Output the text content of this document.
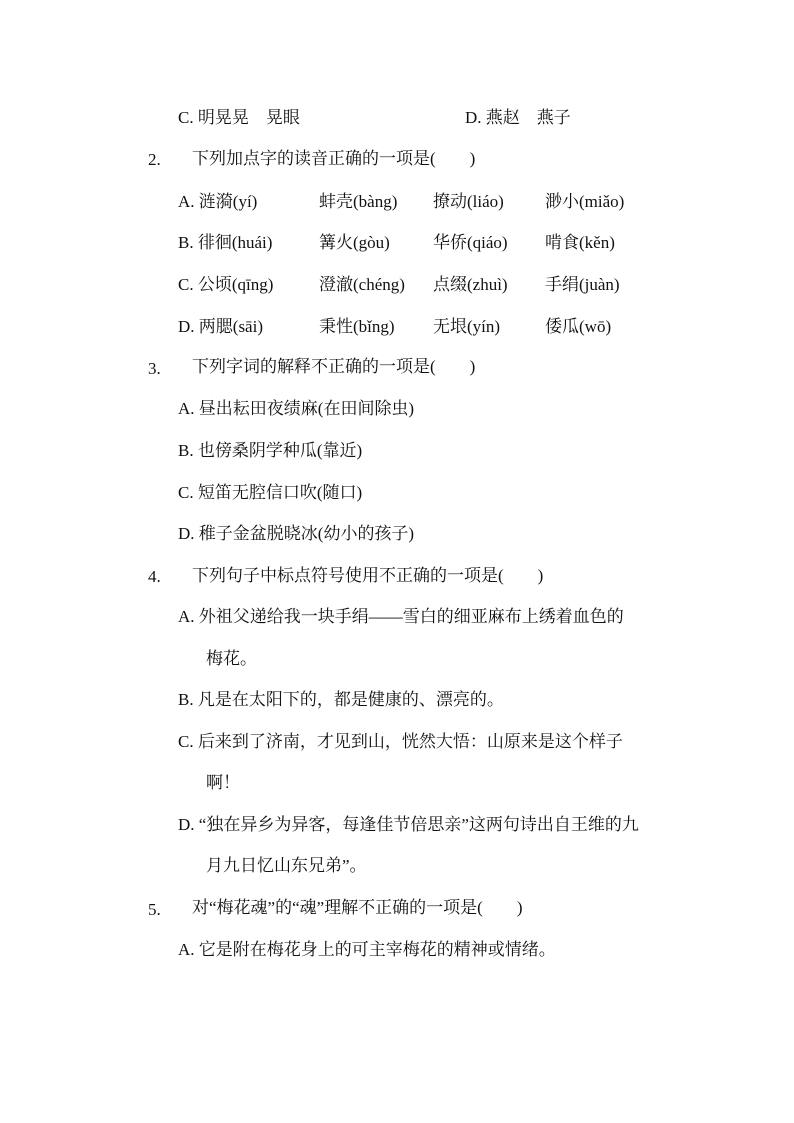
C. 明晃晃　晃眼	D. 燕赵　燕子
2. 下列加点字的读音正确的一项是(　　)
A. 涟漪(yí)	蚌壳(bàng) 撩动(liáo) 渺小(miǎo)
B. 徘徊(huái)	篝火(gòu)	华侨(qiáo) 啃食(kěn)
C. 公顷(qīng)	澄澈(chéng) 点缀(zhuì) 手绢(juàn)
D. 两腮(sāi)	秉性(bǐng) 无垠(yín)	倭瓜(wō)
3. 下列字词的解释不正确的一项是(　　)
A. 昼出耘田夜绩麻(在田间除虫)
B. 也傍桑阴学种瓜(靠近)
C. 短笛无腔信口吹(随口)
D. 稚子金盆脱晓冰(幼小的孩子)
4. 下列句子中标点符号使用不正确的一项是(　　)
A. 外祖父递给我一块手绢——雪白的细亚麻布上绣着血色的
梅花。
B. 凡是在太阳下的，都是健康的、漂亮的。
C. 后来到了济南，才见到山，恍然大悟：山原来是这个样子
啊！
D. “独在异乡为异客，每逢佳节倍思亲”这两句诗出自王维的九
月九日忆山东兄弟”。
5. 对“梅花魂”的“魂”理解不正确的一项是(　　)
A. 它是附在梅花身上的可主宰梅花的精神或情绪。
